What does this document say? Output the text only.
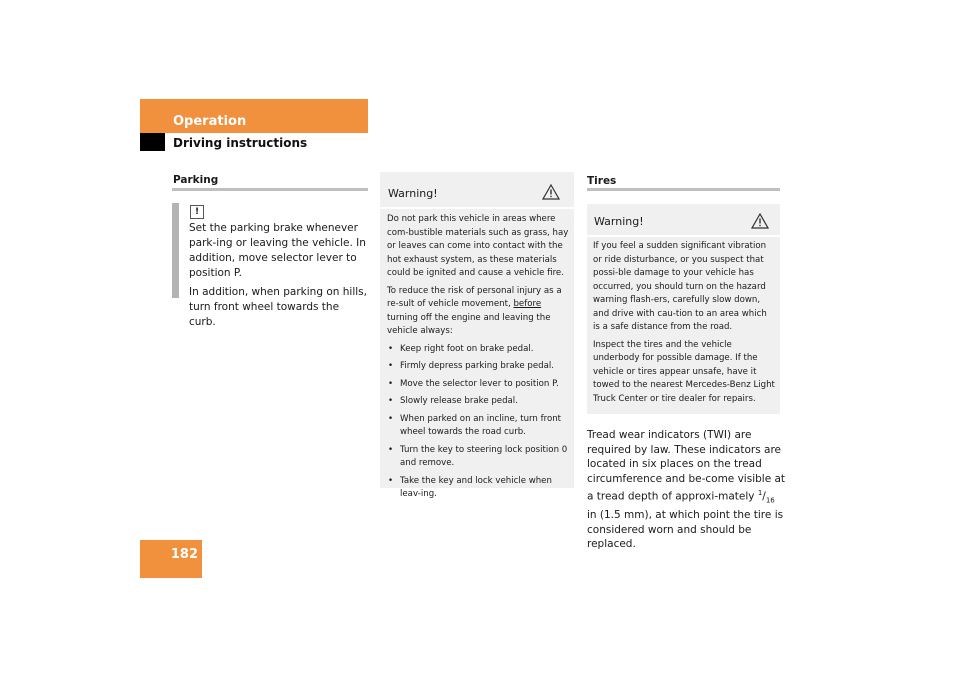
Operation
Driving instructions
Parking
!

Set the parking brake whenever park-ing or leaving the vehicle. In addition, move selector lever to position P.

In addition, when parking on hills, turn front wheel towards the curb.

Warning!

Do not park this vehicle in areas where com-bustible materials such as grass, hay or leaves can come into contact with the hot exhaust system, as these materials could be ignited and cause a vehicle fire.

To reduce the risk of personal injury as a re-sult of vehicle movement, before turning off the engine and leaving the vehicle always:

• Keep right foot on brake pedal.
• Firmly depress parking brake pedal.
• Move the selector lever to position P.
• Slowly release brake pedal.
• When parked on an incline, turn front wheel towards the road curb.
• Turn the key to steering lock position 0 and remove.
• Take the key and lock vehicle when leav-ing.
Tires
Warning!

If you feel a sudden significant vibration or ride disturbance, or you suspect that possi-ble damage to your vehicle has occurred, you should turn on the hazard warning flash-ers, carefully slow down, and drive with cau-tion to an area which is a safe distance from the road.

Inspect the tires and the vehicle underbody for possible damage. If the vehicle or tires appear unsafe, have it towed to the nearest Mercedes-Benz Light Truck Center or tire dealer for repairs.

Tread wear indicators (TWI) are required by law. These indicators are located in six places on the tread circumference and be-come visible at a tread depth of approxi-mately $^1/_{16}$ in (1.5 mm), at which point the tire is considered worn and should be replaced.
182
